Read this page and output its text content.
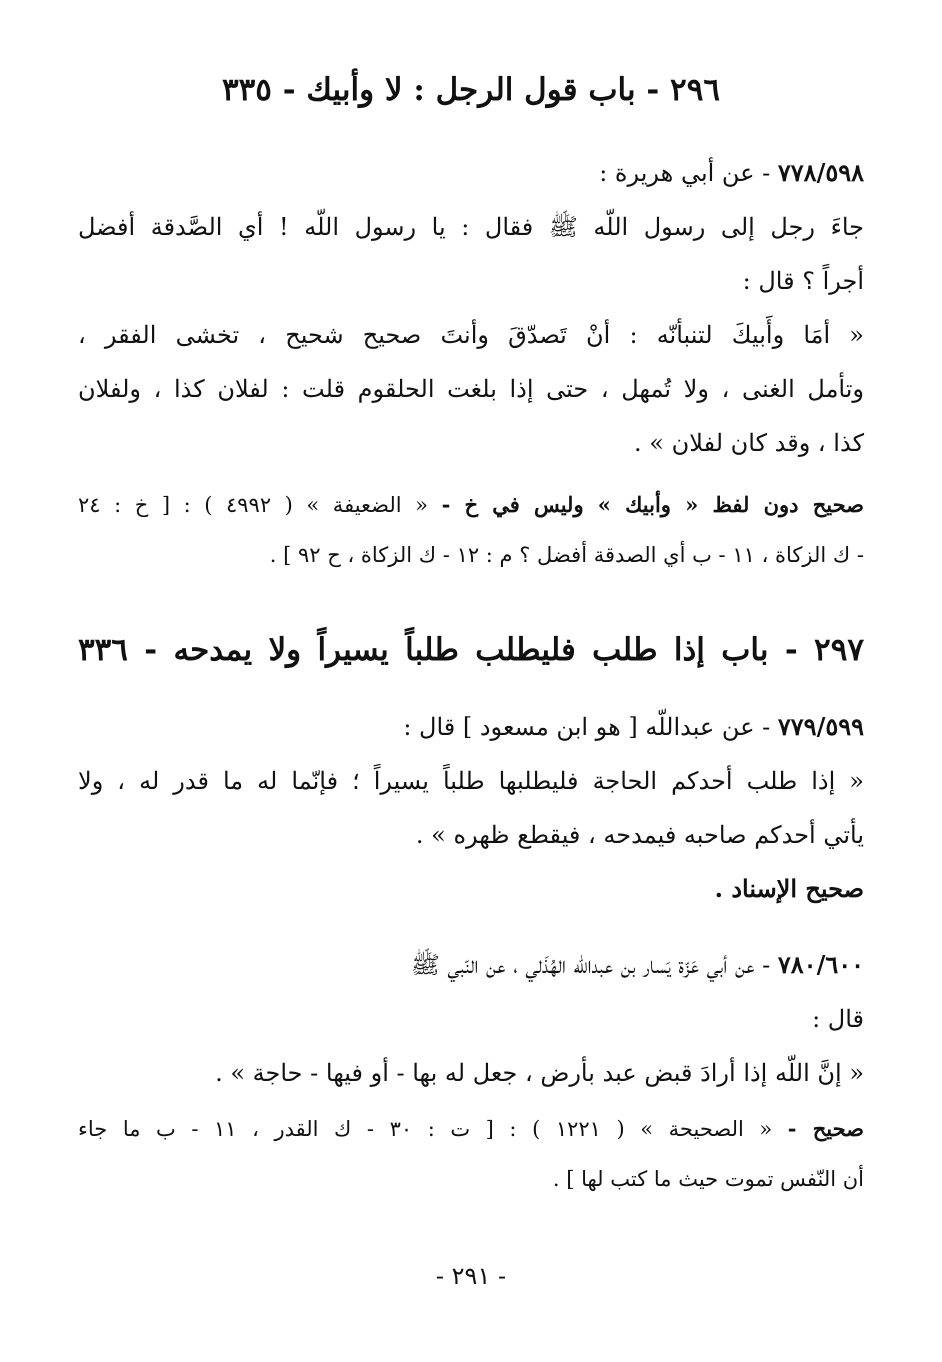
٢٩٦ - باب قول الرجل : لا وأبيك - ٣٣٥
٧٧٨/٥٩٨ - عن أبي هريرة :
جاءَ رجل إلى رسول اللّه ﷺ فقال : يا رسول اللّه ! أي الصَّدقة أفضل
أجراً ؟ قال :
« أمَا وأَبيكَ لتنبأنّه : أنْ تَصدّقَ وأنتَ صحيح شحيح ، تخشى الفقر ،
وتأمل الغنى ، ولا تُمهل ، حتى إذا بلغت الحلقوم قلت : لفلان كذا ، ولفلان
كذا ، وقد كان لفلان » .
صحيح دون لفظ « وأبيك » وليس في خ - « الضعيفة » ( ٤٩٩٢ ) : [ خ : ٢٤
- ك الزكاة ، ١١ - ب أي الصدقة أفضل ؟ م : ١٢ - ك الزكاة ، ح ٩٢ ] .
٢٩٧ - باب إذا طلب فليطلب طلباً يسيراً ولا يمدحه - ٣٣٦
٧٧٩/٥٩٩ - عن عبداللّه [ هو ابن مسعود ] قال :
« إذا طلب أحدكم الحاجة فليطلبها طلباً يسيراً ؛ فإنّما له ما قدر له ، ولا
يأتي أحدكم صاحبه فيمدحه ، فيقطع ظهره » .
صحيح الإسناد .
٧٨٠/٦٠٠ - عن أبي عَزّة يَسار بن عبداللّه الهُذَلي ، عن النّبي ﷺ
قال :
« إنَّ اللّه إذا أرادَ قبض عبد بأرض ، جعل له بها - أو فيها - حاجة » .
صحيح - « الصحيحة » ( ١٢٢١ ) : [ ت : ٣٠ - ك القدر ، ١١ - ب ما جاء
أن النّفس تموت حيث ما كتب لها ] .
- ٢٩١ -
